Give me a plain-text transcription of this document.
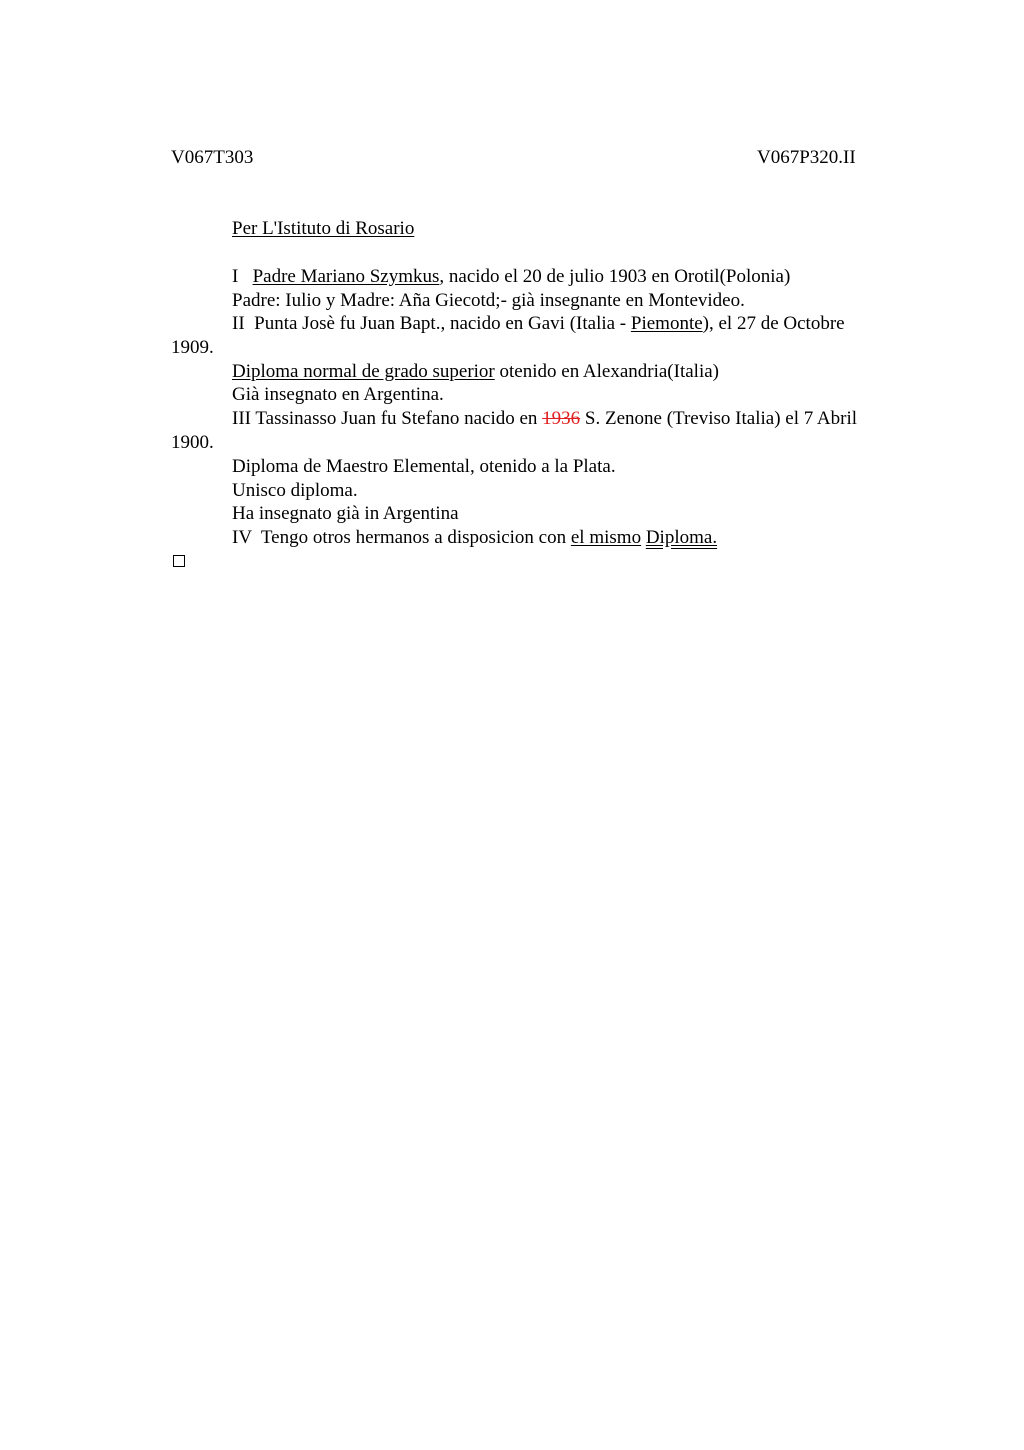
V067T303	V067P320.II
Per L'Istituto di Rosario
I Padre Mariano Szymkus, nacido el 20 de julio 1903 en Orotil(Polonia)
Padre: Iulio y Madre: Aña Giecotd;- già insegnante en Montevideo.
II  Punta Josè fu Juan Bapt., nacido en Gavi (Italia - Piemonte), el 27 de Octobre
1909.
Diploma normal de grado superior otenido en Alexandria(Italia)
Già insegnato en Argentina.
III Tassinasso Juan fu Stefano nacido en 1936 S. Zenone (Treviso Italia) el 7 Abril
1900.
Diploma de Maestro Elemental, otenido a la Plata.
Unisco diploma.
Ha insegnato già in Argentina
IV  Tengo otros hermanos a disposicion con el mismo Diploma.
